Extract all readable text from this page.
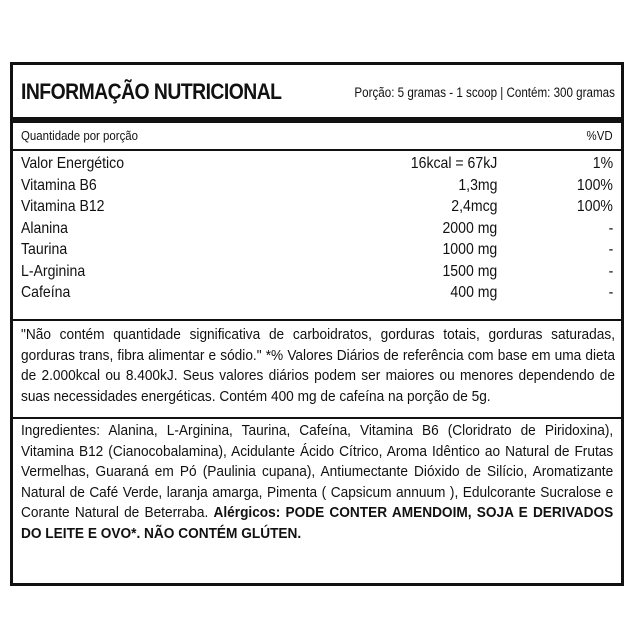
INFORMAÇÃO NUTRICIONAL	Porção: 5 gramas - 1 scoop | Contém: 300 gramas
Quantidade por porção	%VD
Valor Energético	16kcal = 67kJ	1%
Vitamina B6	1,3mg	100%
Vitamina B12	2,4mcg	100%
Alanina	2000 mg	-
Taurina	1000 mg	-
L-Arginina	1500 mg	-
Cafeína	400 mg	-
"Não contém quantidade significativa de carboidratos, gorduras totais, gorduras saturadas, gorduras trans, fibra alimentar e sódio." *% Valores Diários de referência com base em uma dieta de 2.000kcal ou 8.400kJ. Seus valores diários podem ser maiores ou menores dependendo de suas necessidades energéticas. Contém 400 mg de cafeína na porção de 5g.
Ingredientes: Alanina, L-Arginina, Taurina, Cafeína, Vitamina B6 (Cloridrato de Piridoxina), Vitamina B12 (Cianocobalamina), Acidulante Ácido Cítrico, Aroma Idêntico ao Natural de Frutas Vermelhas, Guaraná em Pó (Paulinia cupana), Antiumectante Dióxido de Silício, Aromatizante Natural de Café Verde, laranja amarga, Pimenta ( Capsicum annuum ), Edulcorante Sucralose e Corante Natural de Beterraba. Alérgicos: PODE CONTER AMENDOIM, SOJA E DERIVADOS DO LEITE E OVO*. NÃO CONTÉM GLÚTEN.
